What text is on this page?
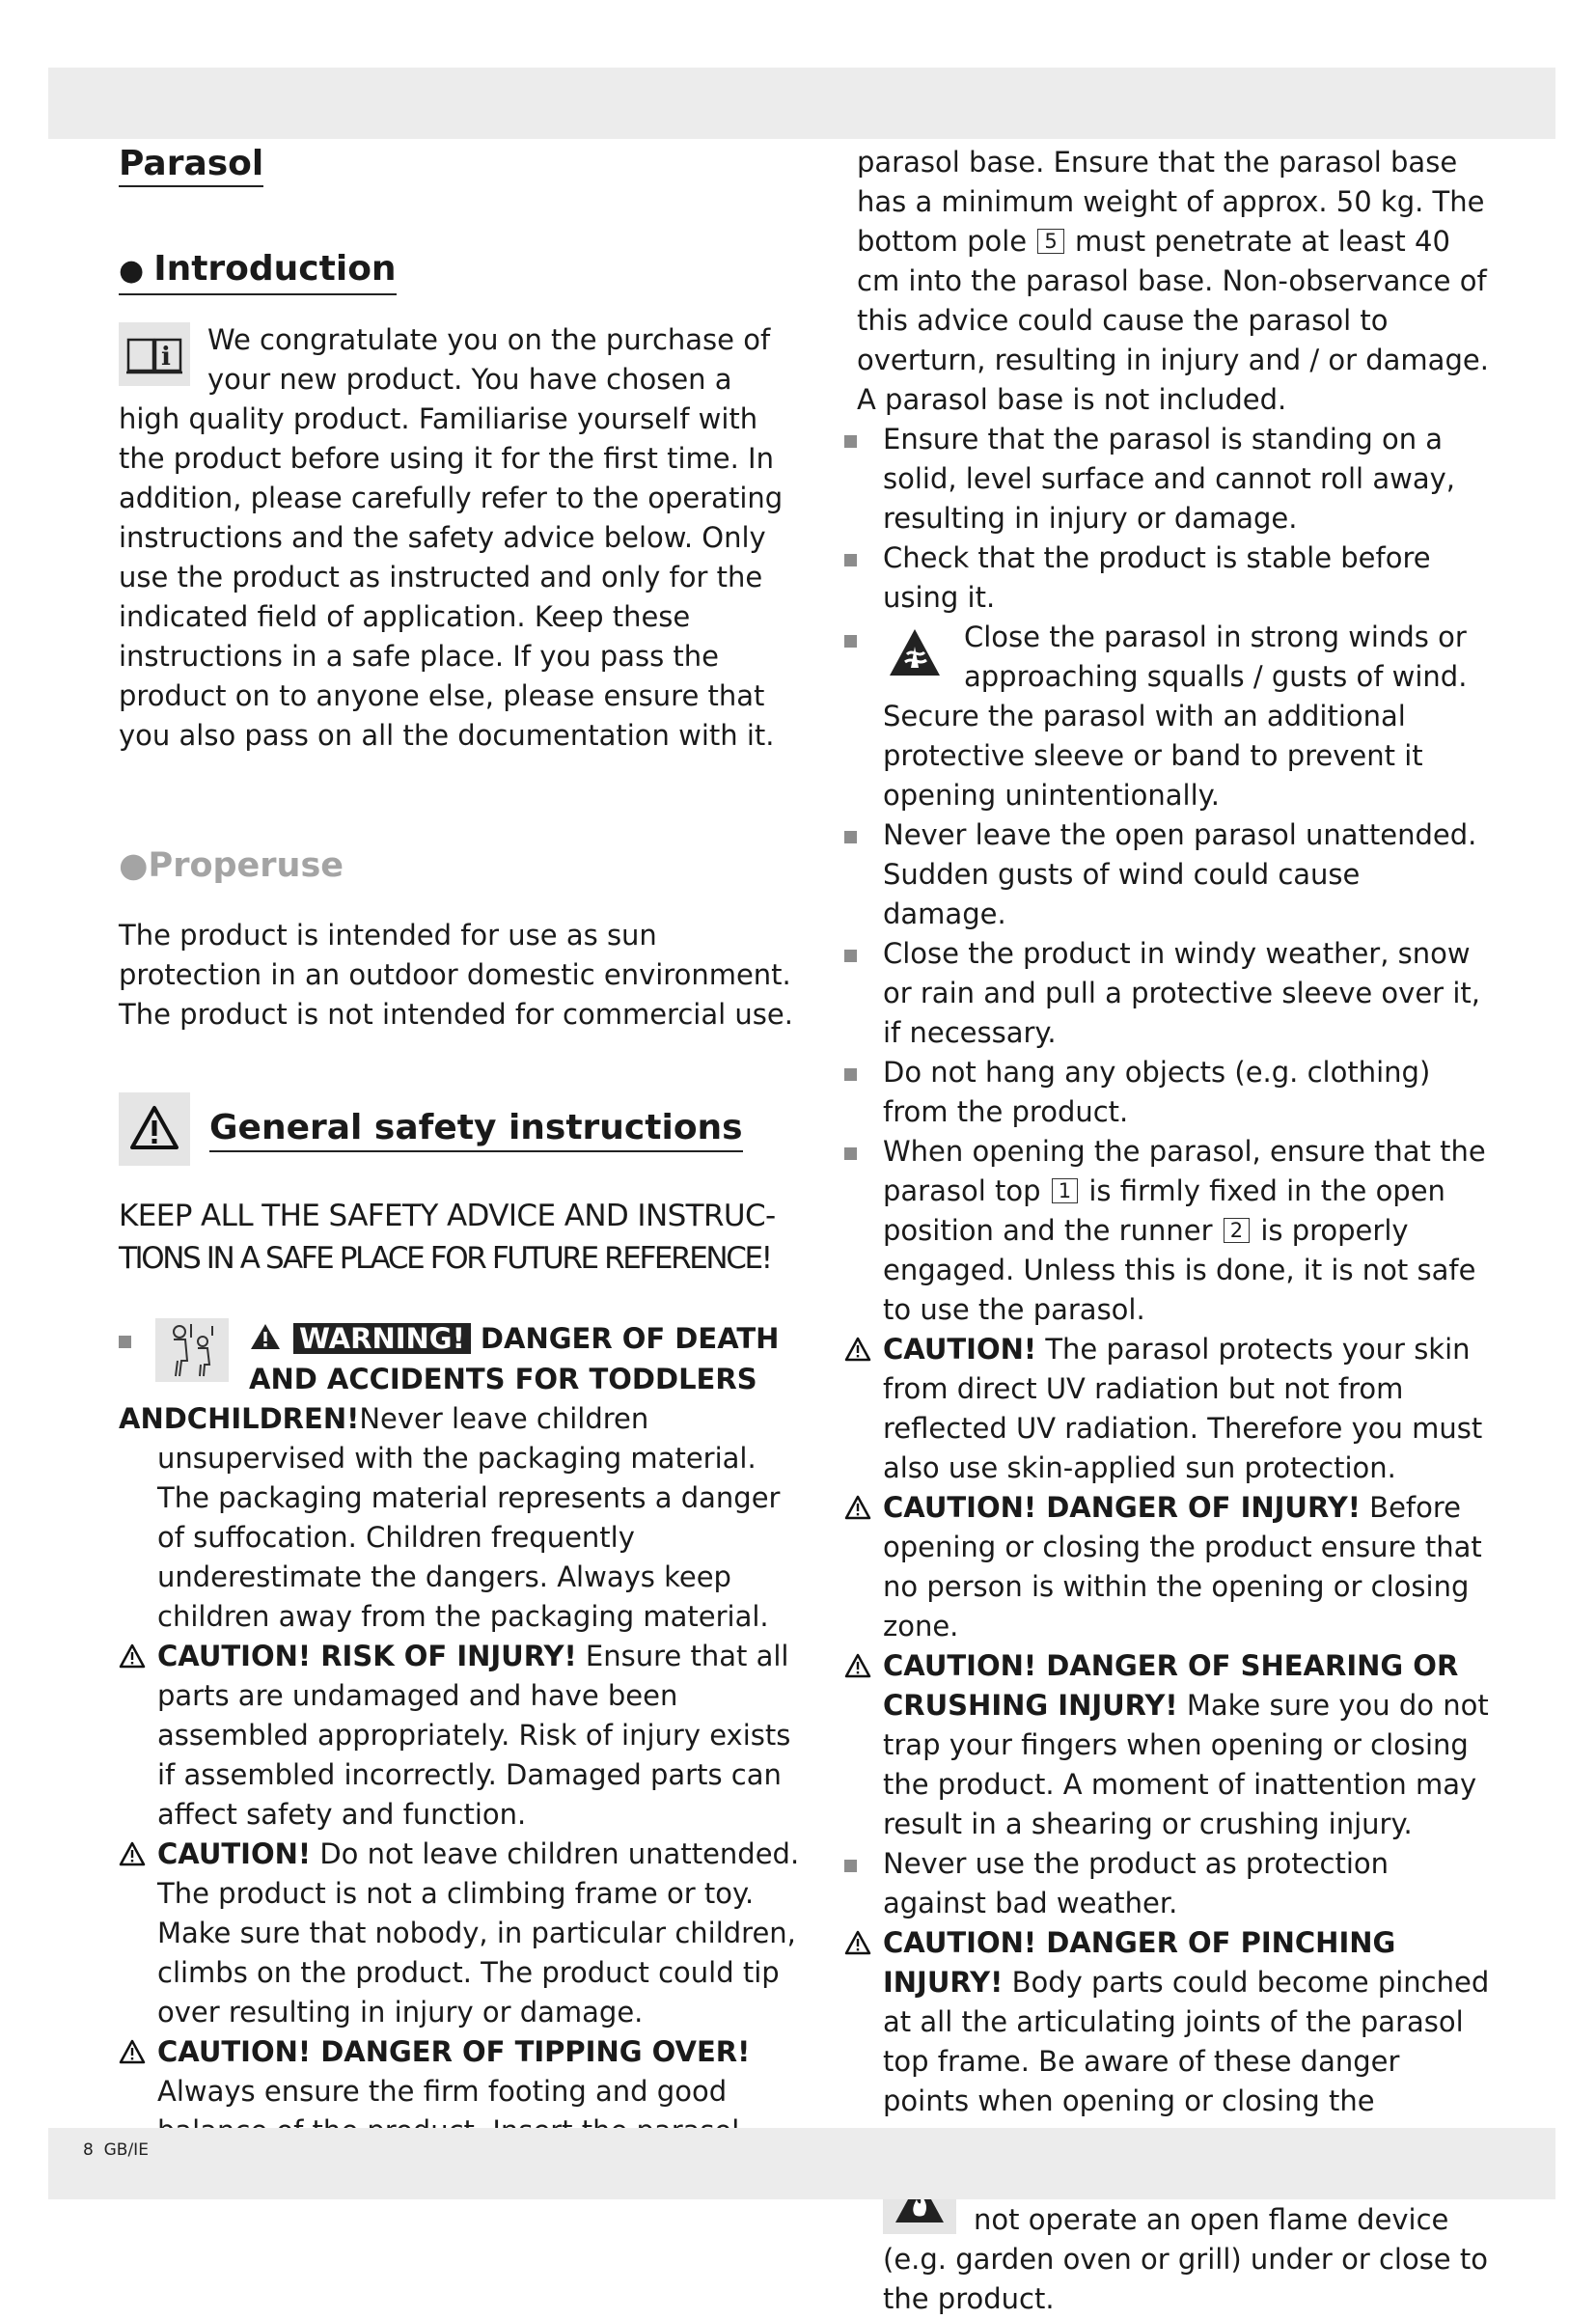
Parasol
● Introduction
i

We congratulate you on the purchase of your new product. You have chosen a high quality product. Familiarise yourself with the product before using it for the first time. In addition, please carefully refer to the operating instructions and the safety advice below. Only use the product as instructed and only for the indicated field of application. Keep these instructions in a safe place. If you pass the product on to anyone else, please ensure that you also pass on all the documentation with it.

●Properuse

The product is intended for use as sun protection in an outdoor domestic environment. The product is not intended for commercial use.

General safety instructions

KEEP ALL THE SAFETY ADVICE AND INSTRUC-

TIONS IN A SAFE PLACE FOR FUTURE REFERENCE!

WARNING! DANGER OF DEATH AND ACCIDENTS FOR TODDLERS

ANDCHILDREN!Never leave children unsupervised with the packaging material. The packaging material represents a danger of suffocation. Children frequently underestimate the dangers. Always keep children away from the packaging material.

CAUTION! RISK OF INJURY! Ensure that all parts are undamaged and have been assembled appropriately. Risk of injury exists if assembled incorrectly. Damaged parts can affect safety and function.

CAUTION! Do not leave children unattended. The product is not a climbing frame or toy. Make sure that nobody, in particular children, climbs on the product. The product could tip over resulting in injury or damage.

CAUTION! DANGER OF TIPPING OVER!
Always ensure the firm footing and good

parasol base. Ensure that the parasol base has a minimum weight of approx. 50 kg. The bottom pole 5 must penetrate at least 40 cm into the parasol base. Non-observance of this advice could cause the parasol to overturn, resulting in injury and / or damage. A parasol base is not included.

Ensure that the parasol is standing on a solid, level surface and cannot roll away, resulting in injury or damage.

Check that the product is stable before using it.

Close the parasol in strong winds or approaching squalls / gusts of wind. Secure the parasol with an additional protective sleeve or band to prevent it opening unintentionally.

Never leave the open parasol unattended. Sudden gusts of wind could cause damage.

Close the product in windy weather, snow or rain and pull a protective sleeve over it, if necessary.

Do not hang any objects (e.g. clothing) from the product.

When opening the parasol, ensure that the parasol top 1 is firmly fixed in the open position and the runner 2 is properly engaged. Unless this is done, it is not safe to use the parasol.

CAUTION! The parasol protects your skin from direct UV radiation but not from reflected UV radiation. Therefore you must also use skin-applied sun protection.

CAUTION! DANGER OF INJURY! Before opening or closing the product ensure that no person is within the opening or closing zone.

CAUTION! DANGER OF SHEARING OR CRUSHING INJURY! Make sure you do not trap your fingers when opening or closing the product. A moment of inattention may result in a shearing or crushing injury.

Never use the product as protection against bad weather.

CAUTION! DANGER OF PINCHING INJURY! Body parts could become pinched at all the articulating joints of the parasol top frame. Be aware of these danger points when opening or closing the

not operate an open flame device (e.g. garden oven or grill) under or close to the product.

8  GB/IE
